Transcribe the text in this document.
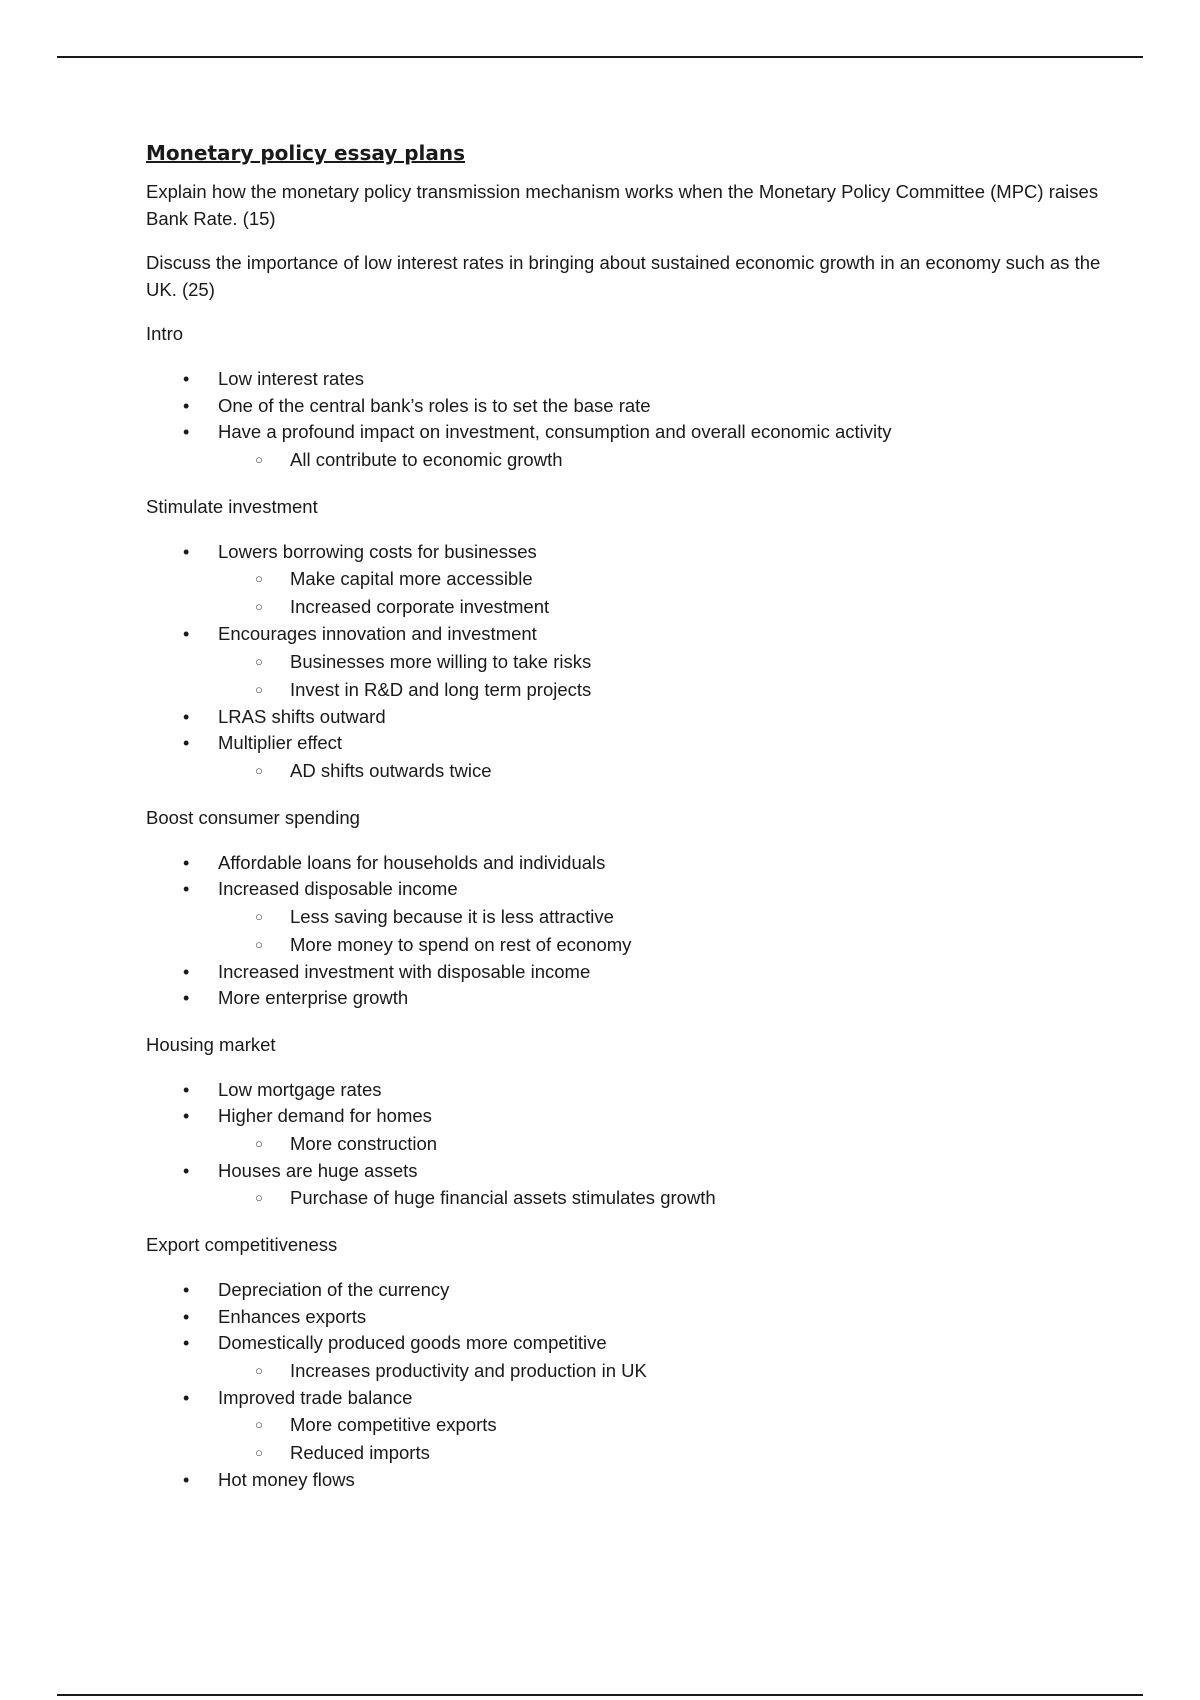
Monetary policy essay plans

Explain how the monetary policy transmission mechanism works when the Monetary Policy Committee (MPC) raises Bank Rate. (15)

Discuss the importance of low interest rates in bringing about sustained economic growth in an economy such as the UK. (25)

Intro

• Low interest rates
• One of the central bank’s roles is to set the base rate
• Have a profound impact on investment, consumption and overall economic activity
○ All contribute to economic growth

Stimulate investment

• Lowers borrowing costs for businesses
○ Make capital more accessible
○ Increased corporate investment
• Encourages innovation and investment
○ Businesses more willing to take risks
○ Invest in R&D and long term projects
• LRAS shifts outward
• Multiplier effect
○ AD shifts outwards twice

Boost consumer spending

• Affordable loans for households and individuals
• Increased disposable income
○ Less saving because it is less attractive
○ More money to spend on rest of economy
• Increased investment with disposable income
• More enterprise growth

Housing market

• Low mortgage rates
• Higher demand for homes
○ More construction
• Houses are huge assets
○ Purchase of huge financial assets stimulates growth

Export competitiveness

• Depreciation of the currency
• Enhances exports
• Domestically produced goods more competitive
○ Increases productivity and production in UK
• Improved trade balance
○ More competitive exports
○ Reduced imports
• Hot money flows
